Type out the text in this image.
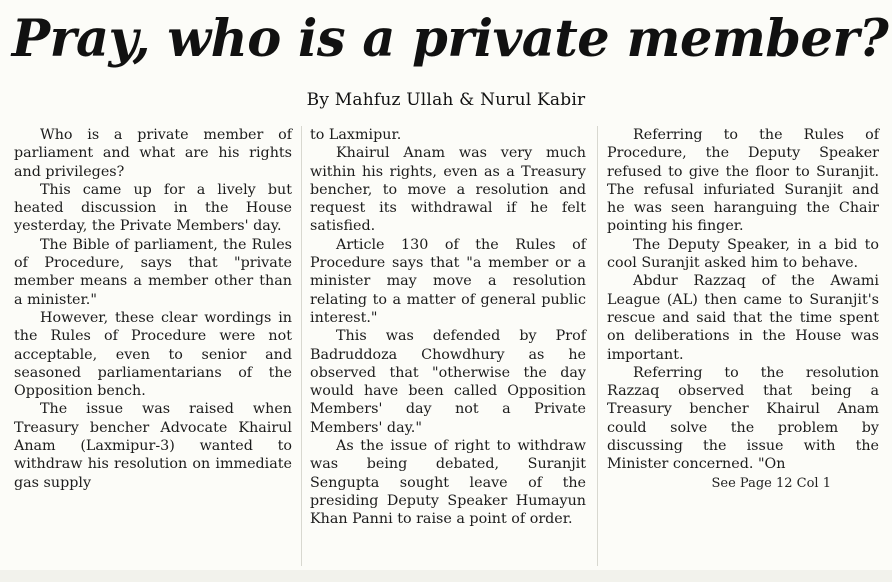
Pray, who is a private member?
By Mahfuz Ullah & Nurul Kabir

Who is a private member of parliament and what are his rights and privileges?

This came up for a lively but heated discussion in the House yesterday, the Private Members' day.

The Bible of parliament, the Rules of Procedure, says that "private member means a member other than a minister."

However, these clear wordings in the Rules of Procedure were not acceptable, even to senior and seasoned parliamentarians of the Opposition bench.

The issue was raised when Treasury bencher Advocate Khairul Anam (Laxmipur-3) wanted to withdraw his resolution on immediate gas supply

to Laxmipur.

Khairul Anam was very much within his rights, even as a Treasury bencher, to move a resolution and request its withdrawal if he felt satisfied.

Article 130 of the Rules of Procedure says that "a member or a minister may move a resolution relating to a matter of general public interest."

This was defended by Prof Badruddoza Chowdhury as he observed that "otherwise the day would have been called Opposition Members' day not a Private Members' day."

As the issue of right to withdraw was being debated, Suranjit Sengupta sought leave of the presiding Deputy Speaker Humayun Khan Panni to raise a point of order.

Referring to the Rules of Procedure, the Deputy Speaker refused to give the floor to Suranjit. The refusal infuriated Suranjit and he was seen haranguing the Chair pointing his finger.

The Deputy Speaker, in a bid to cool Suranjit asked him to behave.

Abdur Razzaq of the Awami League (AL) then came to Suranjit's rescue and said that the time spent on deliberations in the House was important.

Referring to the resolution Razzaq observed that being a Treasury bencher Khairul Anam could solve the problem by discussing the issue with the Minister concerned. "On

See Page 12 Col 1
